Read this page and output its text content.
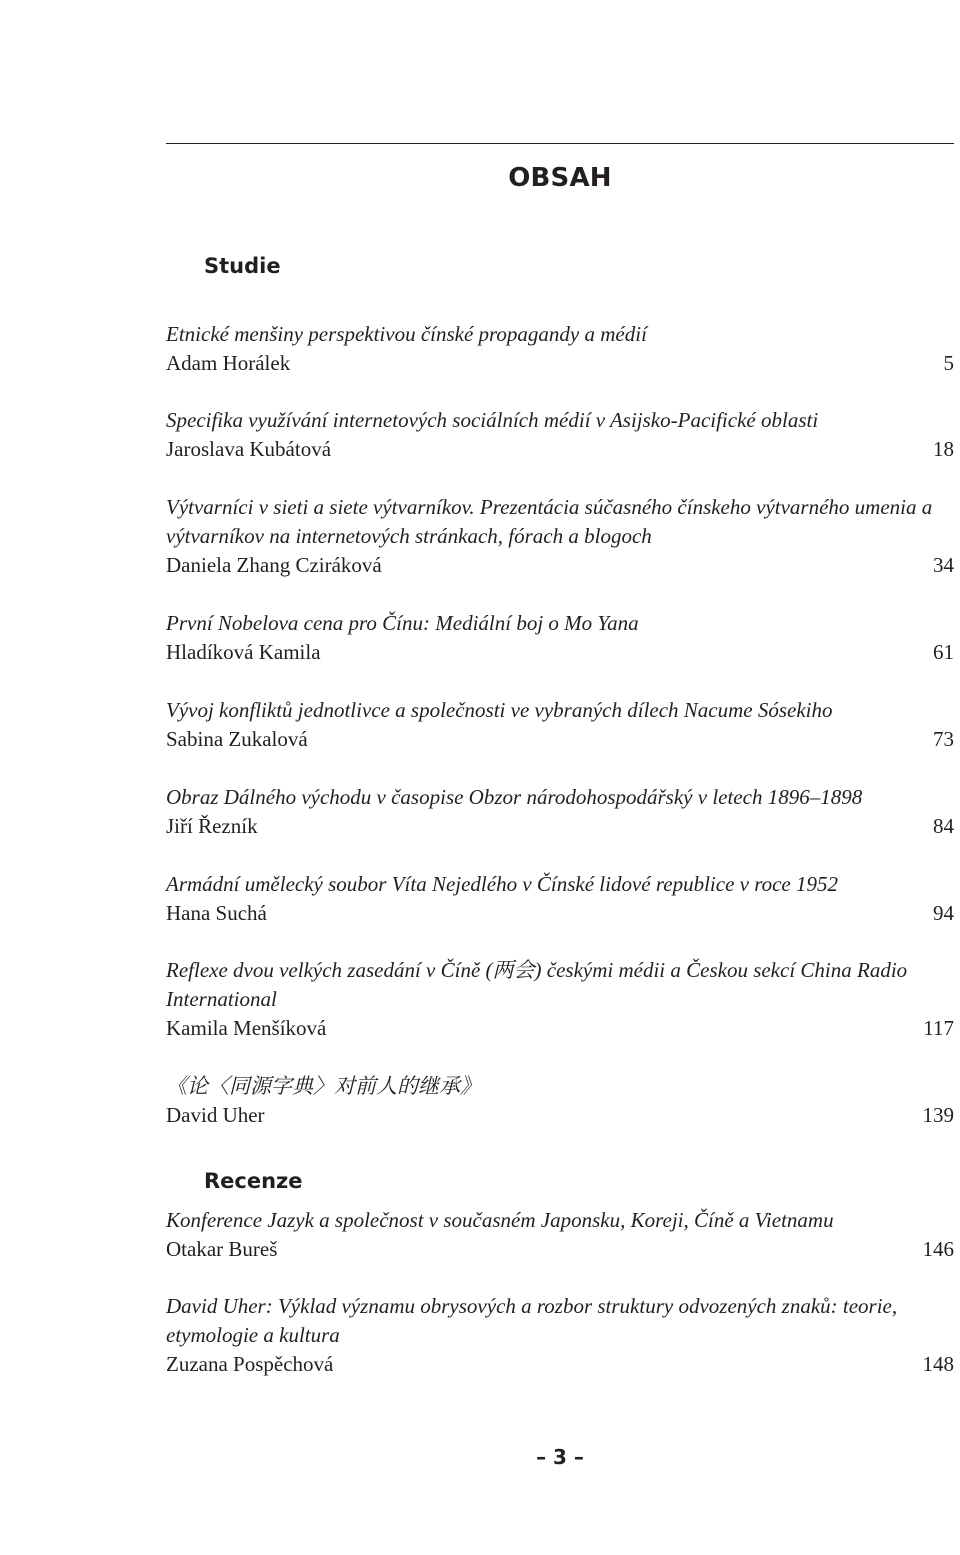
OBSAH
Studie
Etnické menšiny perspektivou čínské propagandy a médií
Adam Horálek	5
Specifika využívání internetových sociálních médií v Asijsko-Pacifické oblasti
Jaroslava Kubátová	18
Výtvarníci v sieti a siete výtvarníkov. Prezentácia súčasného čínskeho výtvarného umenia a výtvarníkov na internetových stránkach, fórach a blogoch
Daniela Zhang Cziráková	34
První Nobelova cena pro Čínu: Mediální boj o Mo Yana
Hladíková Kamila	61
Vývoj konfliktů jednotlivce a společnosti ve vybraných dílech Nacume Sósekiho
Sabina Zukalová	73
Obraz Dálného východu v časopise Obzor národohospodářský v letech 1896–1898
Jiří Řezník	84
Armádní umělecký soubor Víta Nejedlého v Čínské lidové republice v roce 1952
Hana Suchá	94
Reflexe dvou velkých zasedání v Číně (两会) českými médii a Českou sekcí China Radio International
Kamila Menšíková	117
《论〈同源字典〉对前人的继承》
David Uher	139
Recenze
Konference Jazyk a společnost v současném Japonsku, Koreji, Číně a Vietnamu
Otakar Bureš	146
David Uher: Výklad významu obrysových a rozbor struktury odvozených znaků: teorie, etymologie a kultura
Zuzana Pospěchová	148
– 3 –
